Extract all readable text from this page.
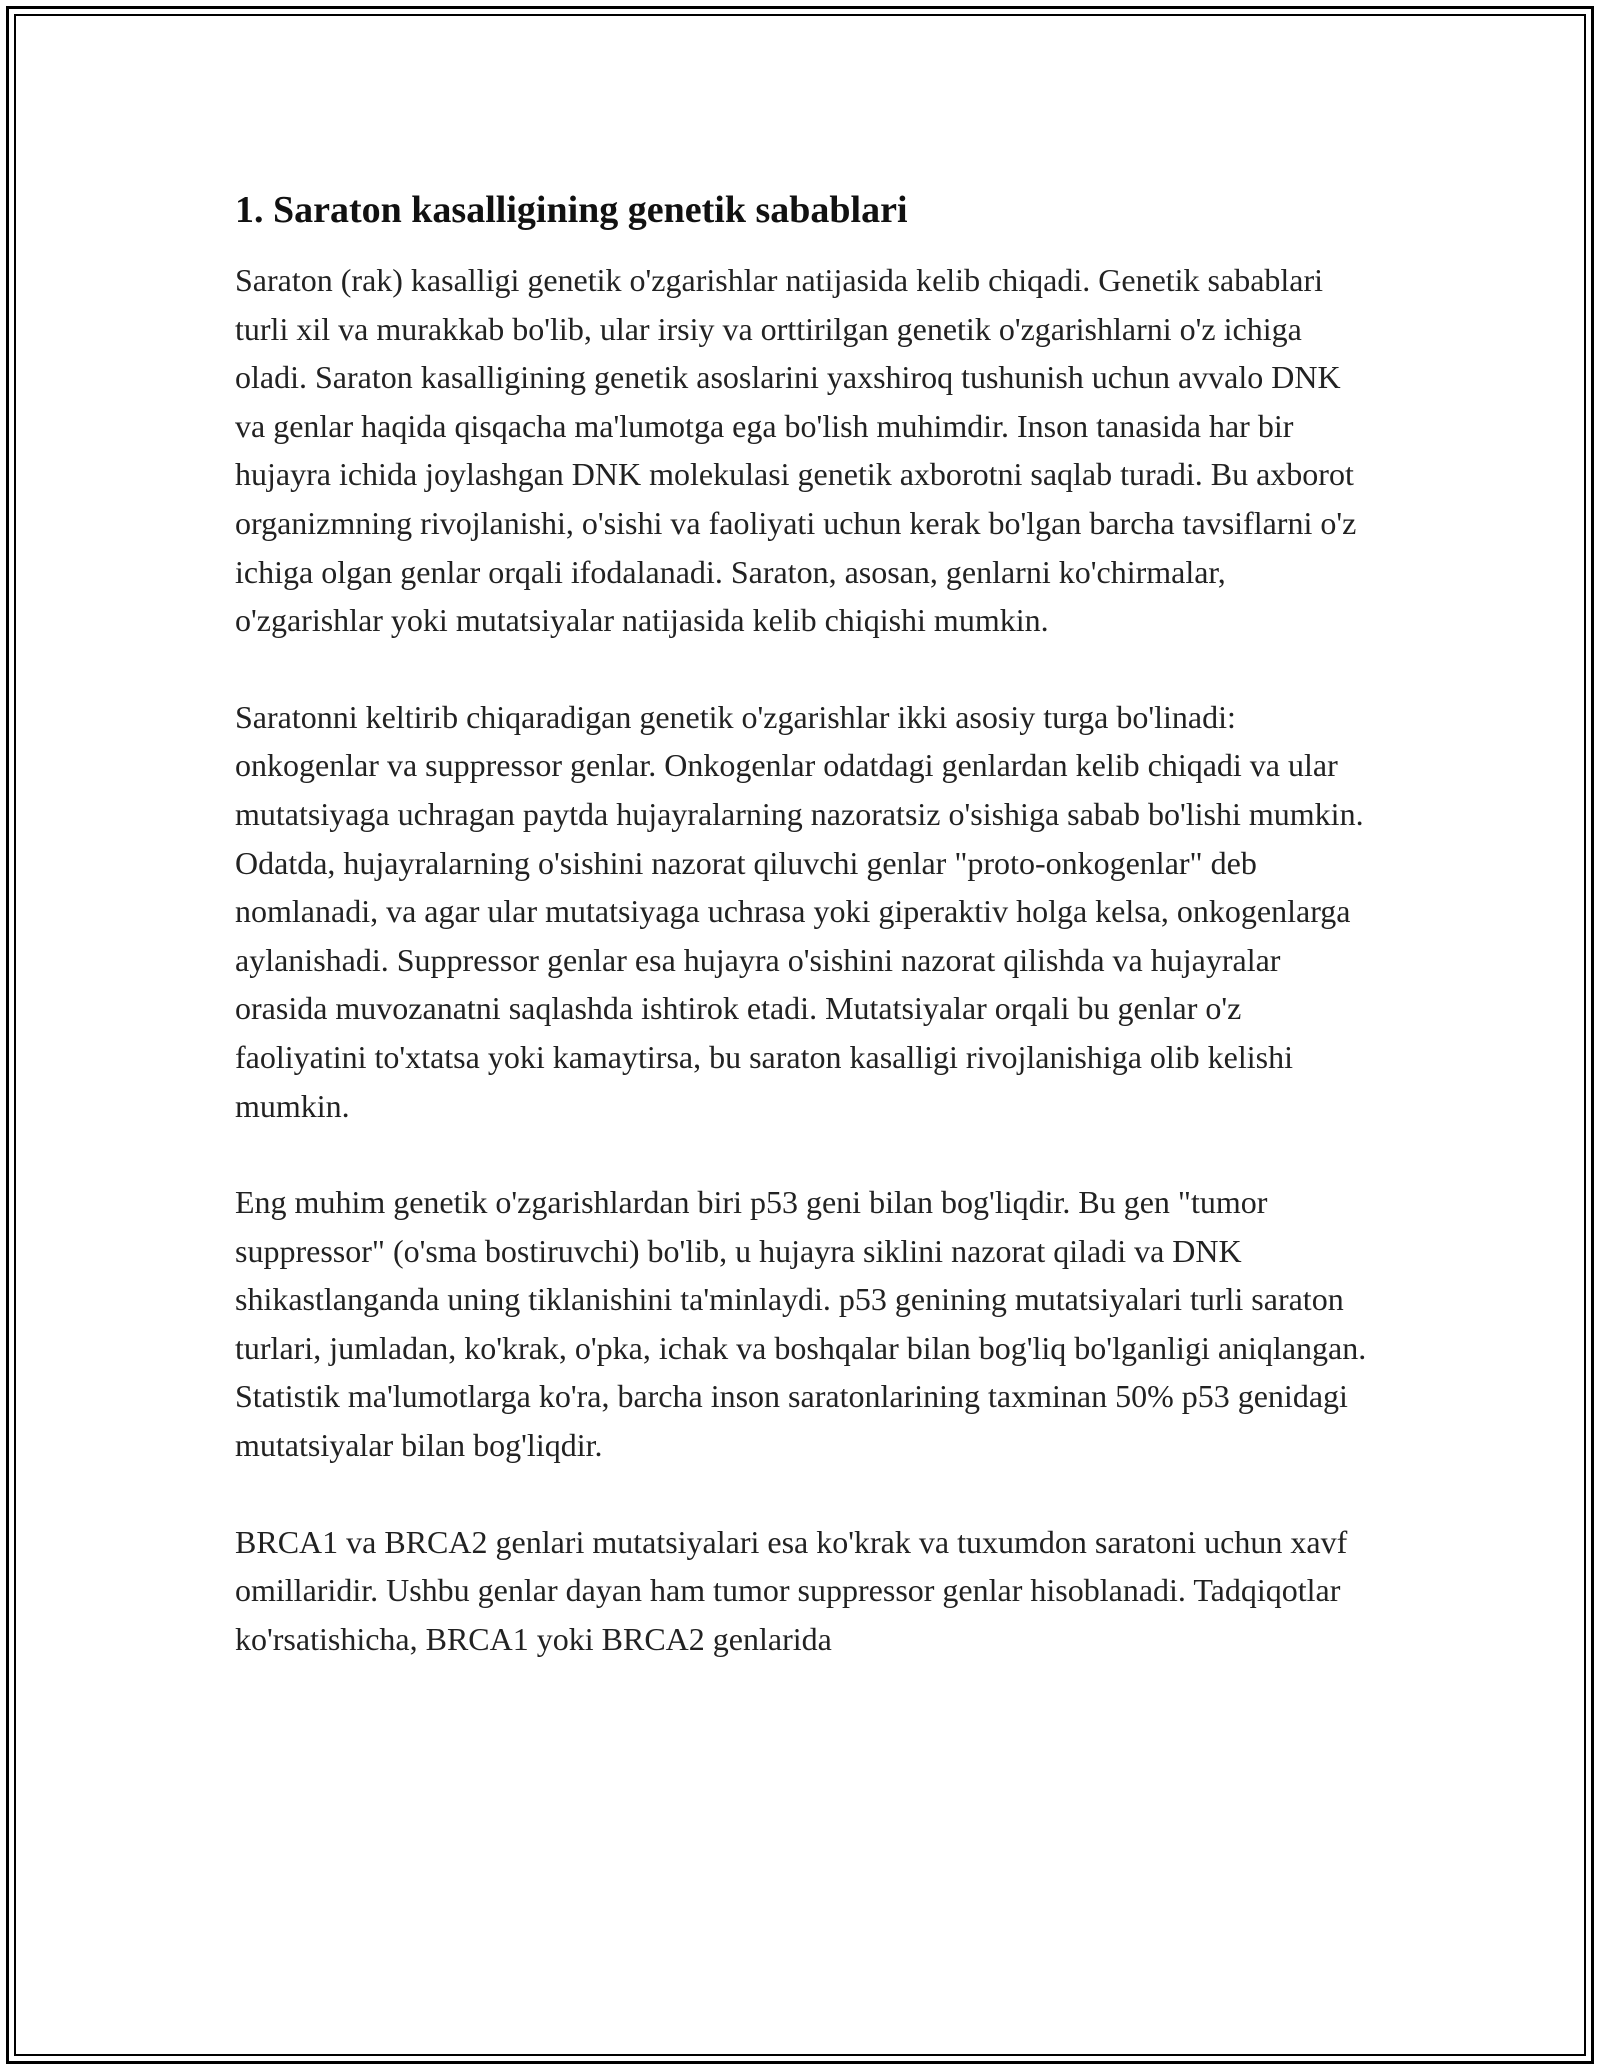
1. Saraton kasalligining genetik sabablari

Saraton (rak) kasalligi genetik o'zgarishlar natijasida kelib chiqadi. Genetik sabablari turli xil va murakkab bo'lib, ular irsiy va orttirilgan genetik o'zgarishlarni o'z ichiga oladi. Saraton kasalligining genetik asoslarini yaxshiroq tushunish uchun avvalo DNK va genlar haqida qisqacha ma'lumotga ega bo'lish muhimdir. Inson tanasida har bir hujayra ichida joylashgan DNK molekulasi genetik axborotni saqlab turadi. Bu axborot organizmning rivojlanishi, o'sishi va faoliyati uchun kerak bo'lgan barcha tavsiflarni o'z ichiga olgan genlar orqali ifodalanadi. Saraton, asosan, genlarni ko'chirmalar, o'zgarishlar yoki mutatsiyalar natijasida kelib chiqishi mumkin.

Saratonni keltirib chiqaradigan genetik o'zgarishlar ikki asosiy turga bo'linadi: onkogenlar va suppressor genlar. Onkogenlar odatdagi genlardan kelib chiqadi va ular mutatsiyaga uchragan paytda hujayralarning nazoratsiz o'sishiga sabab bo'lishi mumkin. Odatda, hujayralarning o'sishini nazorat qiluvchi genlar "proto-onkogenlar" deb nomlanadi, va agar ular mutatsiyaga uchrasa yoki giperaktiv holga kelsa, onkogenlarga aylanishadi. Suppressor genlar esa hujayra o'sishini nazorat qilishda va hujayralar orasida muvozanatni saqlashda ishtirok etadi. Mutatsiyalar orqali bu genlar o'z faoliyatini to'xtatsa yoki kamaytirsa, bu saraton kasalligi rivojlanishiga olib kelishi mumkin.

Eng muhim genetik o'zgarishlardan biri p53 geni bilan bog'liqdir. Bu gen "tumor suppressor" (o'sma bostiruvchi) bo'lib, u hujayra siklini nazorat qiladi va DNK shikastlanganda uning tiklanishini ta'minlaydi. p53 genining mutatsiyalari turli saraton turlari, jumladan, ko'krak, o'pka, ichak va boshqalar bilan bog'liq bo'lganligi aniqlangan. Statistik ma'lumotlarga ko'ra, barcha inson saratonlarining taxminan 50% p53 genidagi mutatsiyalar bilan bog'liqdir.

BRCA1 va BRCA2 genlari mutatsiyalari esa ko'krak va tuxumdon saratoni uchun xavf omillaridir. Ushbu genlar dayan ham tumor suppressor genlar hisoblanadi. Tadqiqotlar ko'rsatishicha, BRCA1 yoki BRCA2 genlarida
